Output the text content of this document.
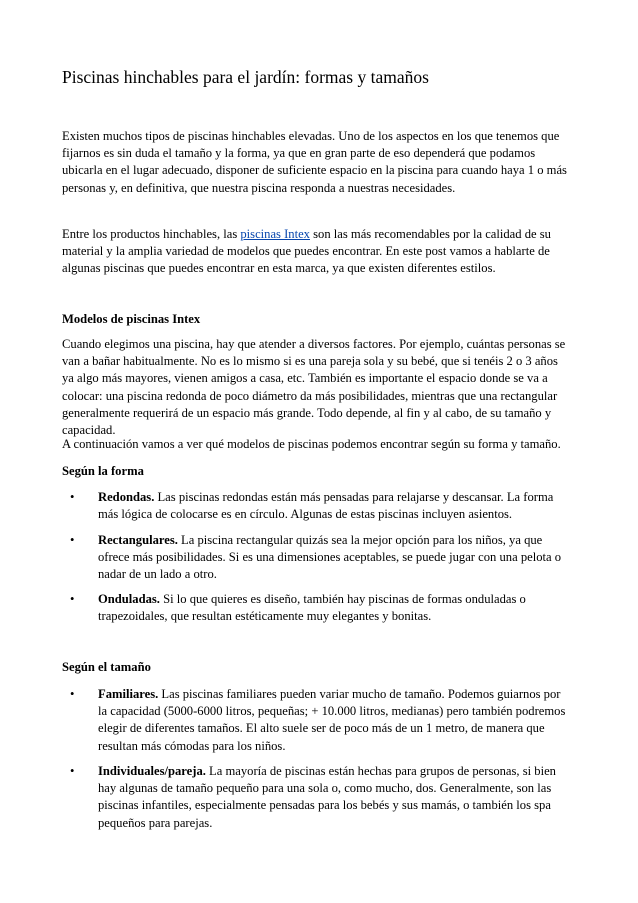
Piscinas hinchables para el jardín: formas y tamaños
Existen muchos tipos de piscinas hinchables elevadas. Uno de los aspectos en los que tenemos que
fijarnos es sin duda el tamaño y la forma, ya que en gran parte de eso dependerá que podamos
ubicarla en el lugar adecuado, disponer de suficiente espacio en la piscina para cuando haya 1 o más
personas y, en definitiva, que nuestra piscina responda a nuestras necesidades.
Entre los productos hinchables, las piscinas Intex son las más recomendables por la calidad de su
material y la amplia variedad de modelos que puedes encontrar. En este post vamos a hablarte de
algunas piscinas que puedes encontrar en esta marca, ya que existen diferentes estilos.
Modelos de piscinas Intex
Cuando elegimos una piscina, hay que atender a diversos factores. Por ejemplo, cuántas personas se
van a bañar habitualmente. No es lo mismo si es una pareja sola y su bebé, que si tenéis 2 o 3 años
ya algo más mayores, vienen amigos a casa, etc. También es importante el espacio donde se va a
colocar: una piscina redonda de poco diámetro da más posibilidades, mientras que una rectangular
generalmente requerirá de un espacio más grande. Todo depende, al fin y al cabo, de su tamaño y
capacidad.
A continuación vamos a ver qué modelos de piscinas podemos encontrar según su forma y tamaño.
Según la forma
• Redondas. Las piscinas redondas están más pensadas para relajarse y descansar. La forma
más lógica de colocarse es en círculo. Algunas de estas piscinas incluyen asientos.
• Rectangulares. La piscina rectangular quizás sea la mejor opción para los niños, ya que
ofrece más posibilidades. Si es una dimensiones aceptables, se puede jugar con una pelota o
nadar de un lado a otro.
• Onduladas. Si lo que quieres es diseño, también hay piscinas de formas onduladas o
trapezoidales, que resultan estéticamente muy elegantes y bonitas.
Según el tamaño
• Familiares. Las piscinas familiares pueden variar mucho de tamaño. Podemos guiarnos por
la capacidad (5000-6000 litros, pequeñas; + 10.000 litros, medianas) pero también podremos
elegir de diferentes tamaños. El alto suele ser de poco más de un 1 metro, de manera que
resultan más cómodas para los niños.
• Individuales/pareja. La mayoría de piscinas están hechas para grupos de personas, si bien
hay algunas de tamaño pequeño para una sola o, como mucho, dos. Generalmente, son las
piscinas infantiles, especialmente pensadas para los bebés y sus mamás, o también los spa
pequeños para parejas.
